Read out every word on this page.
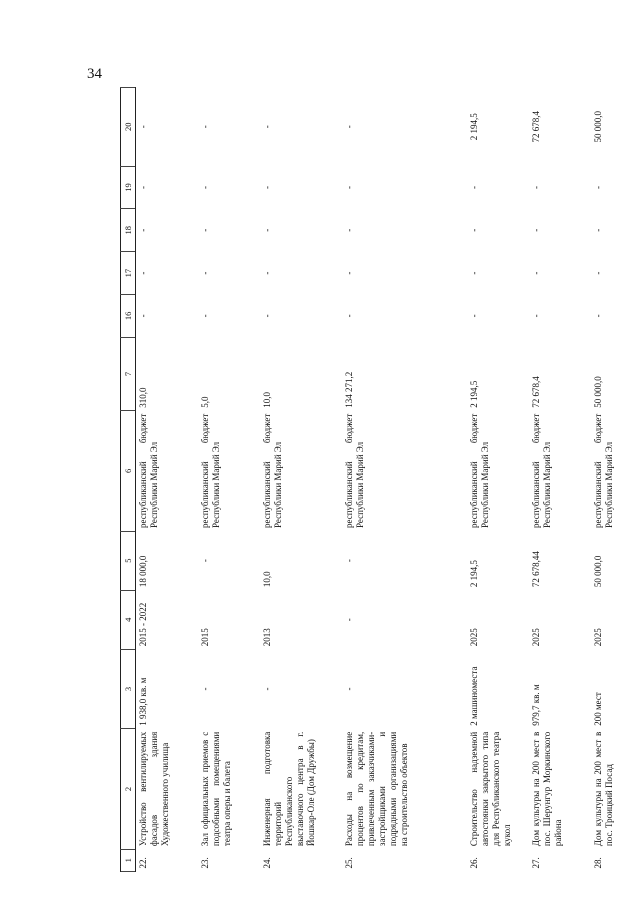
34
1	2	3	4	5	6	7	16	17	18	19	20
22.	Устройство вентилируемых фасадов здания Художественного училища	1 938,0 кв. м	2015 - 2022	18 000,0	республиканский бюджет Республики Марий Эл	310,0	-	-	-	-	-
23.	Зал официальных приемов с подсобными помещениями театра оперы и балета	-	2015	-	республиканский бюджет Республики Марий Эл	5,0	-	-	-	-	-
24.	Инженерная подготовка территорий Республиканского выставочного центра в г. Йошкар-Оле (Дом Дружбы)	-	2013	10,0	республиканский бюджет Республики Марий Эл	10,0	-	-	-	-	-
25.	Расходы на возмещение процентов по кредитам, привлеченным заказчиками-застройщиками и подрядными организациями на строительство объектов	-	-	-	республиканский бюджет Республики Марий Эл	134 271,2	-	-	-	-	-
26.	Строительство надземной автостоянки закрытого типа для Республиканского театра кукол	2 машиноместа	2025	2 194,5	республиканский бюджет Республики Марий Эл	2 194,5	-	-	-	-	2 194,5
27.	Дом культуры на 200 мест в пос. Шерунгур Моркинского района	979,7 кв. м	2025	72 678,44	республиканский бюджет Республики Марий Эл	72 678,4	-	-	-	-	72 678,4
28.	Дом культуры на 200 мест в пос. Троицкий Посад	200 мест	2025	50 000,0	республиканский бюджет Республики Марий Эл	50 000,0	-	-	-	-	50 000,0
